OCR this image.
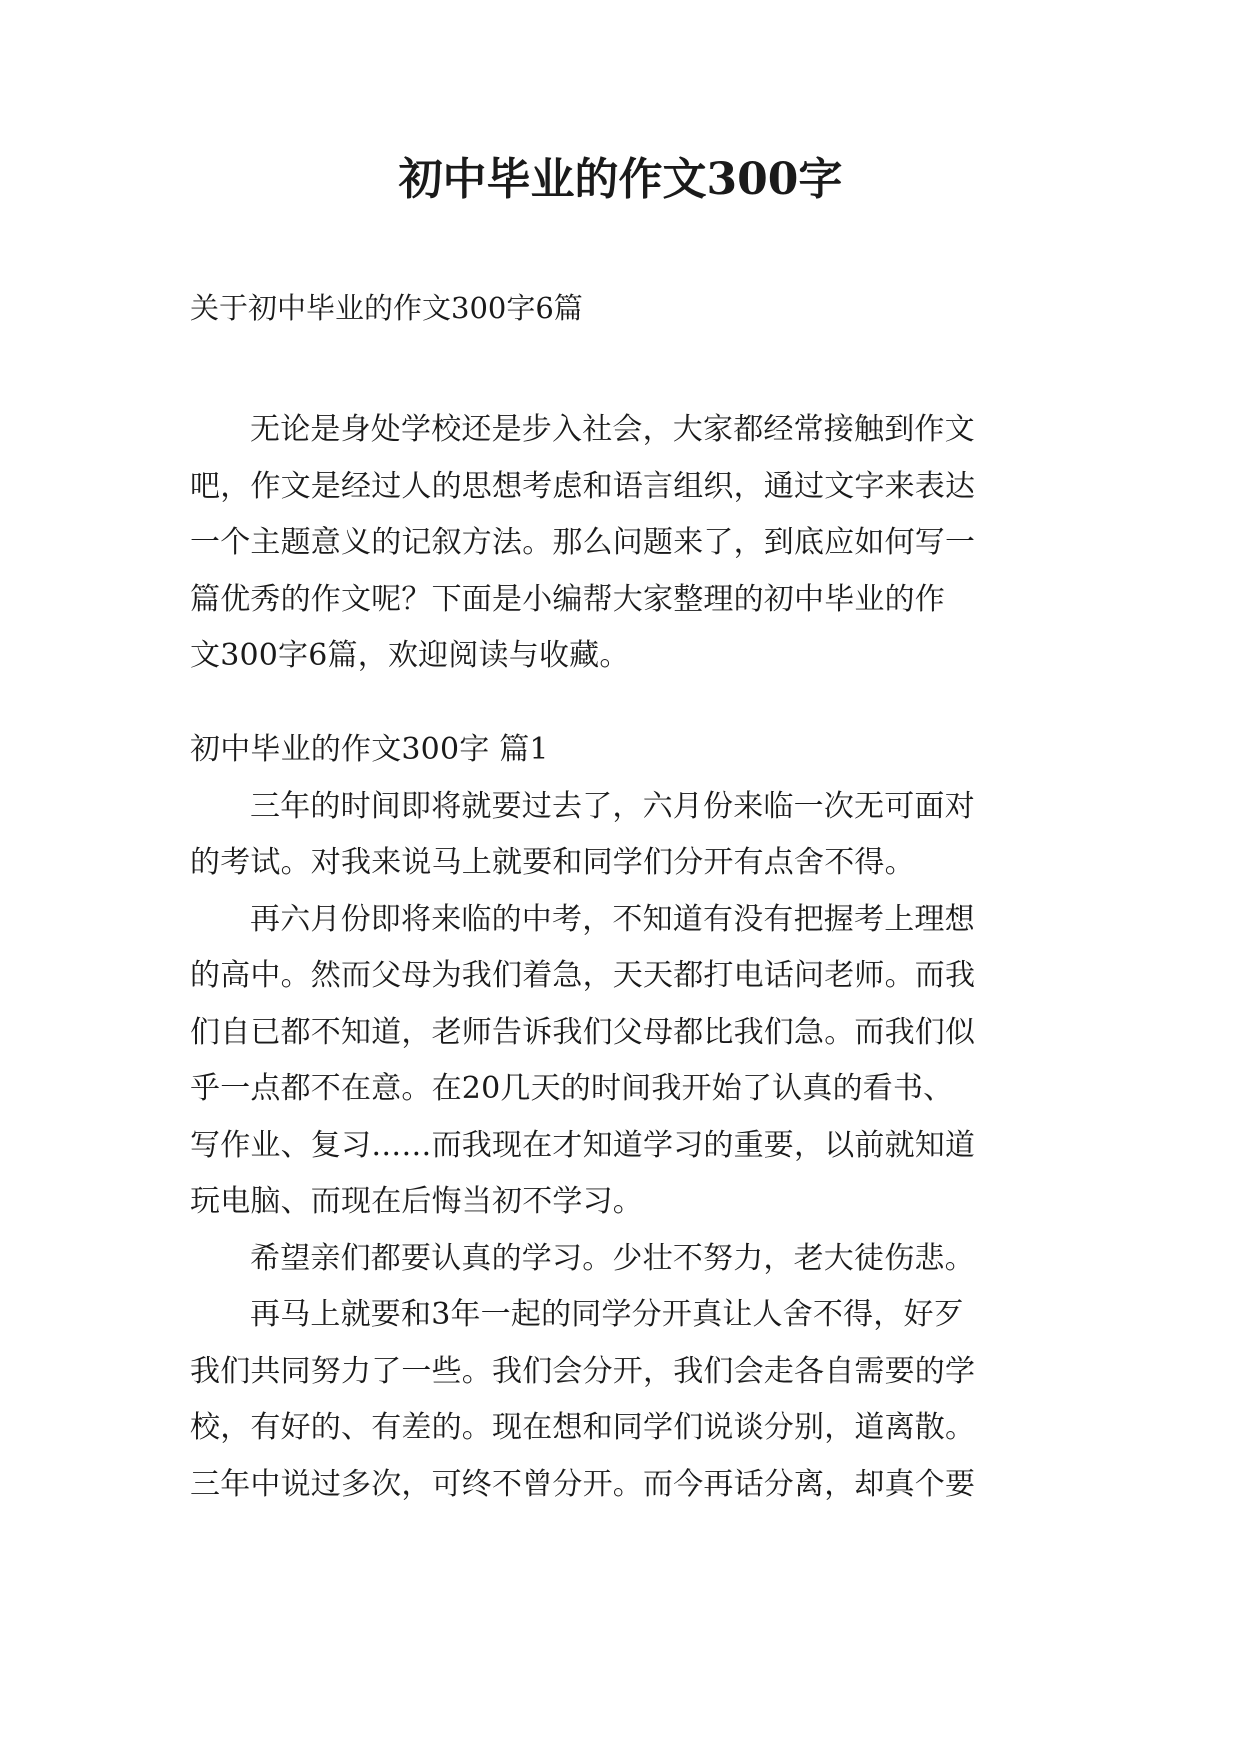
初中毕业的作文300字

关于初中毕业的作文300字6篇

无论是身处学校还是步入社会，大家都经常接触到作文
吧，作文是经过人的思想考虑和语言组织，通过文字来表达
一个主题意义的记叙方法。那么问题来了，到底应如何写一
篇优秀的作文呢？下面是小编帮大家整理的初中毕业的作
文300字6篇，欢迎阅读与收藏。

初中毕业的作文300字 篇1

三年的时间即将就要过去了，六月份来临一次无可面对
的考试。对我来说马上就要和同学们分开有点舍不得。

再六月份即将来临的中考，不知道有没有把握考上理想
的高中。然而父母为我们着急，天天都打电话问老师。而我
们自已都不知道，老师告诉我们父母都比我们急。而我们似
乎一点都不在意。在20几天的时间我开始了认真的看书、
写作业、复习……而我现在才知道学习的重要，以前就知道
玩电脑、而现在后悔当初不学习。

希望亲们都要认真的学习。少壮不努力，老大徒伤悲。

再马上就要和3年一起的同学分开真让人舍不得，好歹
我们共同努力了一些。我们会分开，我们会走各自需要的学
校，有好的、有差的。现在想和同学们说谈分别，道离散。
三年中说过多次，可终不曾分开。而今再话分离，却真个要
